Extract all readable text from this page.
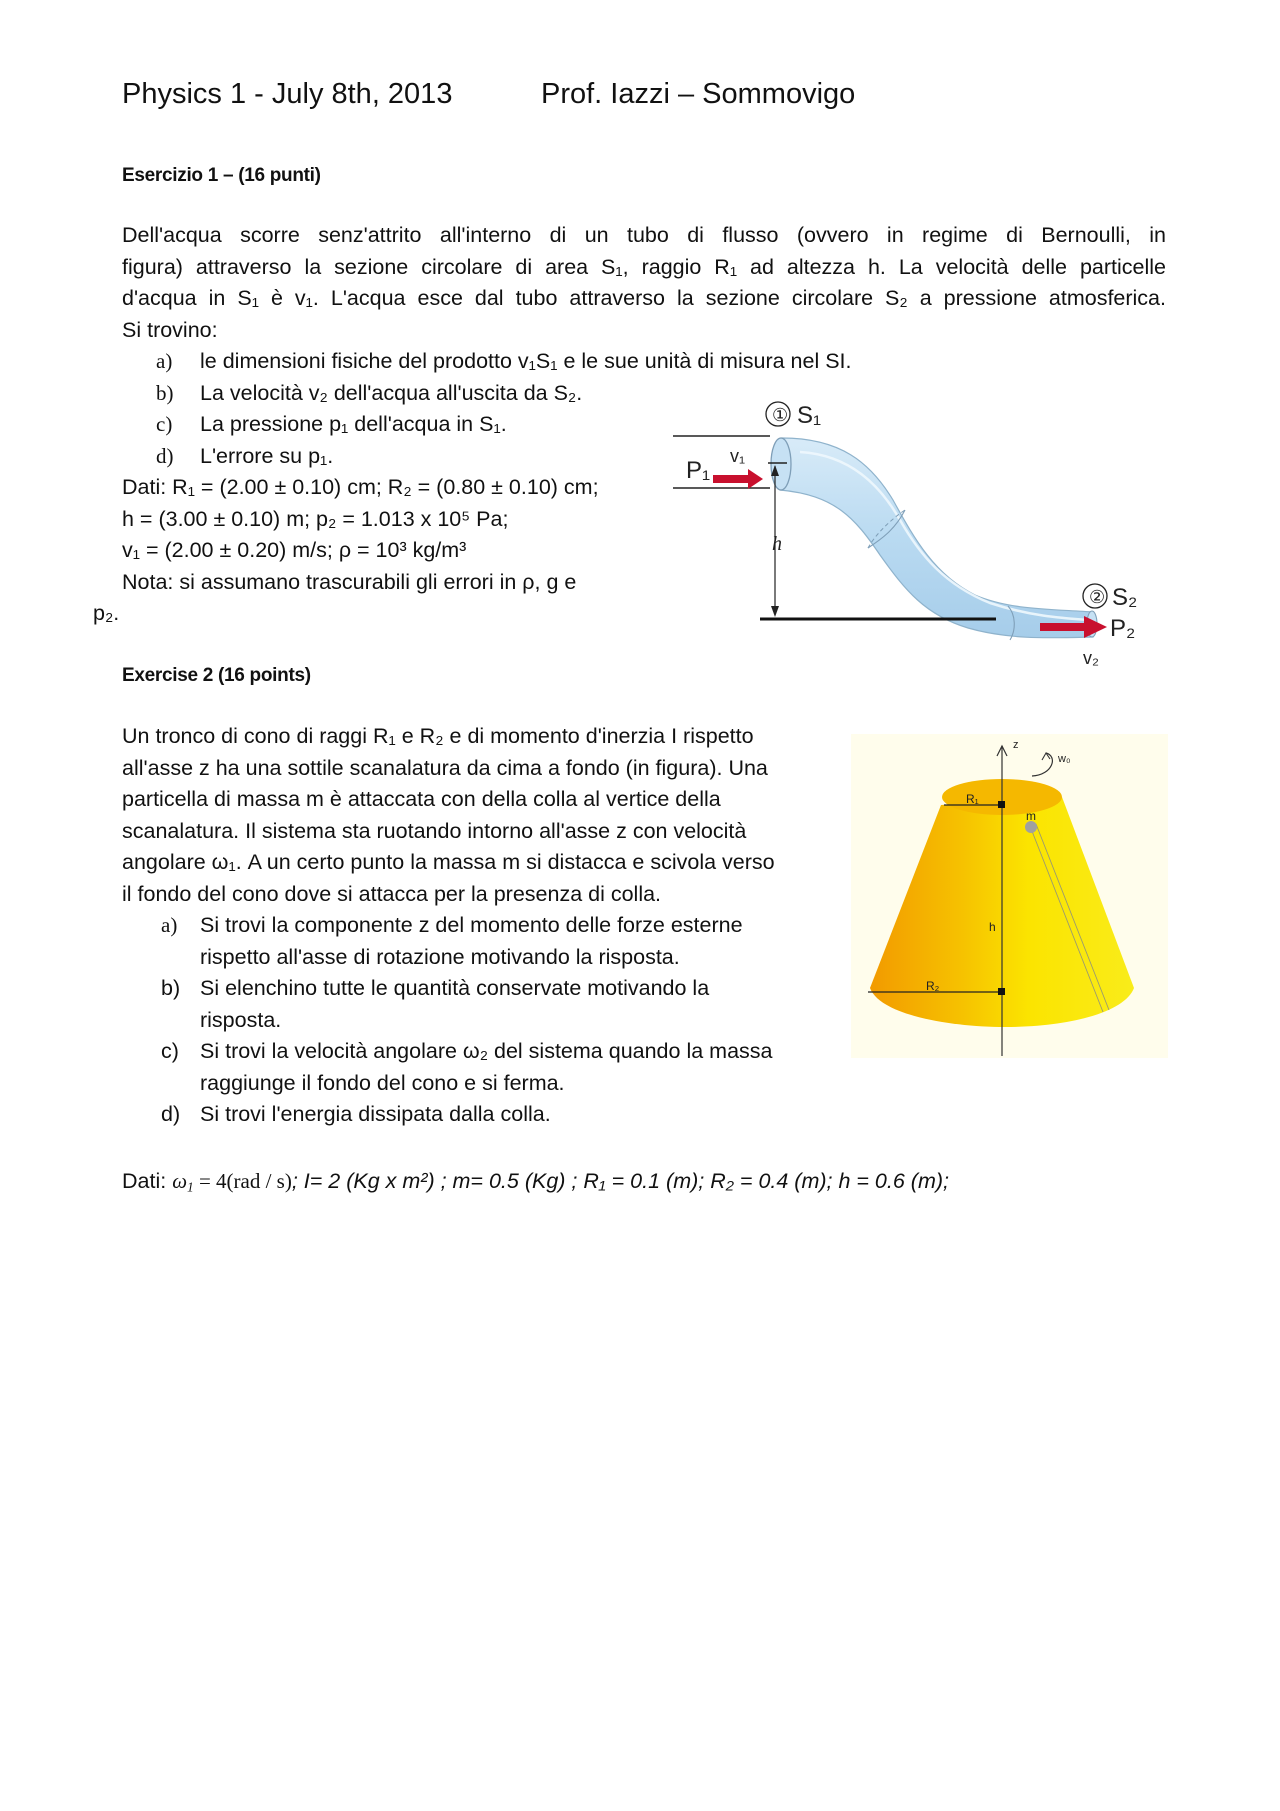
Physics 1 - July 8th, 2013	Prof. Iazzi – Sommovigo
Esercizio 1 – (16 punti)
Dell'acqua scorre senz'attrito all'interno di un tubo di flusso (ovvero in regime di Bernoulli, in
figura) attraverso la sezione circolare di area S₁, raggio R₁ ad altezza h. La velocità delle particelle
d'acqua in S₁ è v₁. L'acqua esce dal tubo attraverso la sezione circolare S₂ a pressione atmosferica.
Si trovino:
a) le dimensioni fisiche del prodotto v₁S₁ e le sue unità di misura nel SI.
b) La velocità v₂ dell'acqua all'uscita da S₂.
c) La pressione p₁ dell'acqua in S₁.
d) L'errore su p₁.
Dati: R₁ = (2.00 ± 0.10) cm; R₂ = (0.80 ± 0.10) cm;
h = (3.00 ± 0.10) m; p₂ = 1.013 x 10⁵ Pa;
v₁ = (2.00 ± 0.20) m/s; ρ = 10³ kg/m³
Nota: si assumano trascurabili gli errori in ρ, g e
p₂.
① S₁
P₁
v₁
h
② S₂
P₂
v₂
Exercise 2 (16 points)
Un tronco di cono di raggi R₁ e R₂ e di momento d'inerzia I rispetto
all'asse z ha una sottile scanalatura da cima a fondo (in figura). Una
particella di massa m è attaccata con della colla al vertice della
scanalatura. Il sistema sta ruotando intorno all'asse z con velocità
angolare ω₁. A un certo punto la massa m si distacca e scivola verso
il fondo del cono dove si attacca per la presenza di colla.
a) Si trovi la componente z del momento delle forze esterne
rispetto all'asse di rotazione motivando la risposta.
b) Si elenchino tutte le quantità conservate motivando la
risposta.
c) Si trovi la velocità angolare ω₂ del sistema quando la massa
raggiunge il fondo del cono e si ferma.
d) Si trovi l'energia dissipata dalla colla.
Dati: $\omega_1 = 4(rad / s)$; I= 2 (Kg x m²) ; m= 0.5 (Kg) ; R₁ = 0.1 (m); R₂ = 0.4 (m); h = 0.6 (m);
z
w₀
R₁
m
h
R₂
